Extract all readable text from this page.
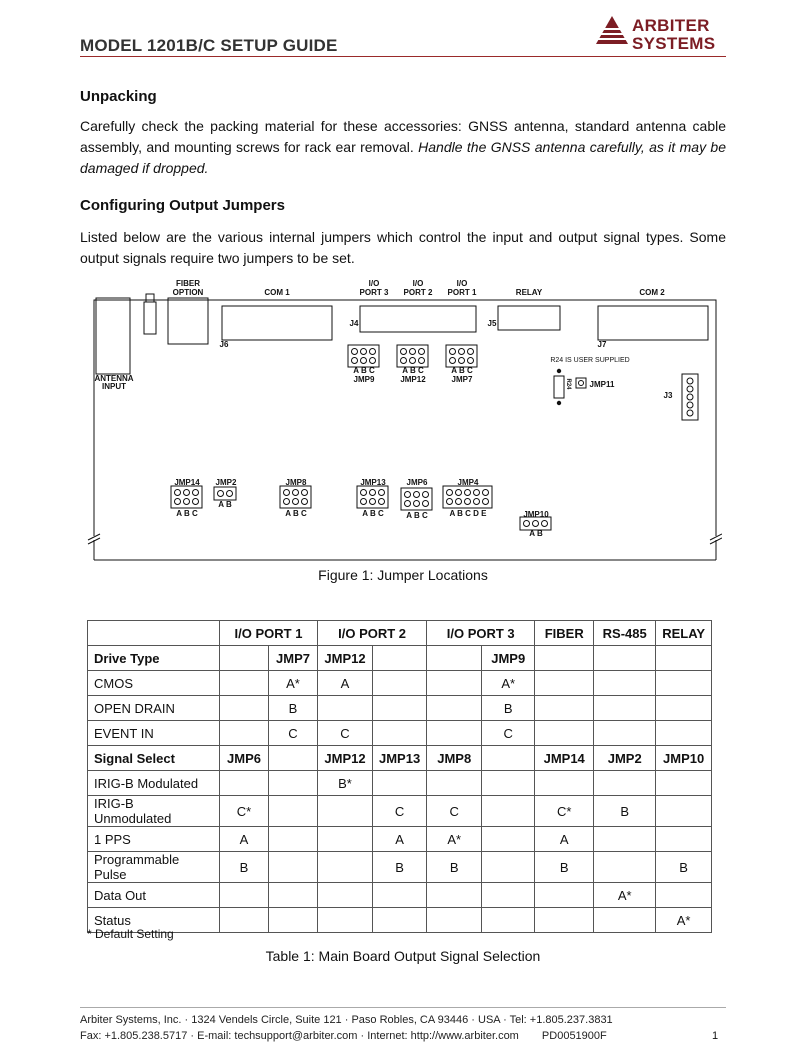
MODEL 1201B/C SETUP GUIDE
ARBITER
SYSTEMS
Unpacking

Carefully check the packing material for these accessories: GNSS antenna, standard antenna cable assembly, and mounting screws for rack ear removal. Handle the GNSS antenna carefully, as it may be damaged if dropped.

Configuring Output Jumpers

Listed below are the various internal jumpers which control the input and output signal types. Some output signals require two jumpers to be set.

FIBER
OPTION	COM 1
I/O
PORT 3
I/O
PORT 2
I/O
PORT 1	RELAY	COM 2
J4	J5
J6	J7
J3
ANTENNA
INPUT	JMP11
R24 IS USER SUPPLIED
R24
A B C
JMP9
A B C
JMP12
A B C
JMP7
JMP14
A B C
JMP2
A B
JMP8
A B C
JMP13
A B C
JMP6
A B C
JMP4
A B C D E	JMP10
A B
Figure 1: Jumper Locations
	I/O PORT 1		I/O PORT 2		I/O PORT 3		FIBER	RS-485	RELAY
Drive Type		JMP7	JMP12			JMP9			
CMOS		A*	A			A*			
OPEN DRAIN		B				B			
EVENT IN		C	C			C			
Signal Select	JMP6		JMP12	JMP13	JMP8		JMP14	JMP2	JMP10
IRIG-B Modulated			B*						
IRIG-B Unmodulated	C*			C	C		C*	B	
1 PPS	A			A	A*		A		
Programmable Pulse	B			B	B		B		B
Data Out								A*	
Status									A*
* Default Setting
Table 1: Main Board Output Signal Selection
Arbiter Systems, Inc. · 1324 Vendels Circle, Suite 121 · Paso Robles, CA 93446 · USA · Tel: +1.805.237.3831
Fax: +1.805.238.5717 · E-mail: techsupport@arbiter.com · Internet: http://www.arbiter.com PD0051900F	1
